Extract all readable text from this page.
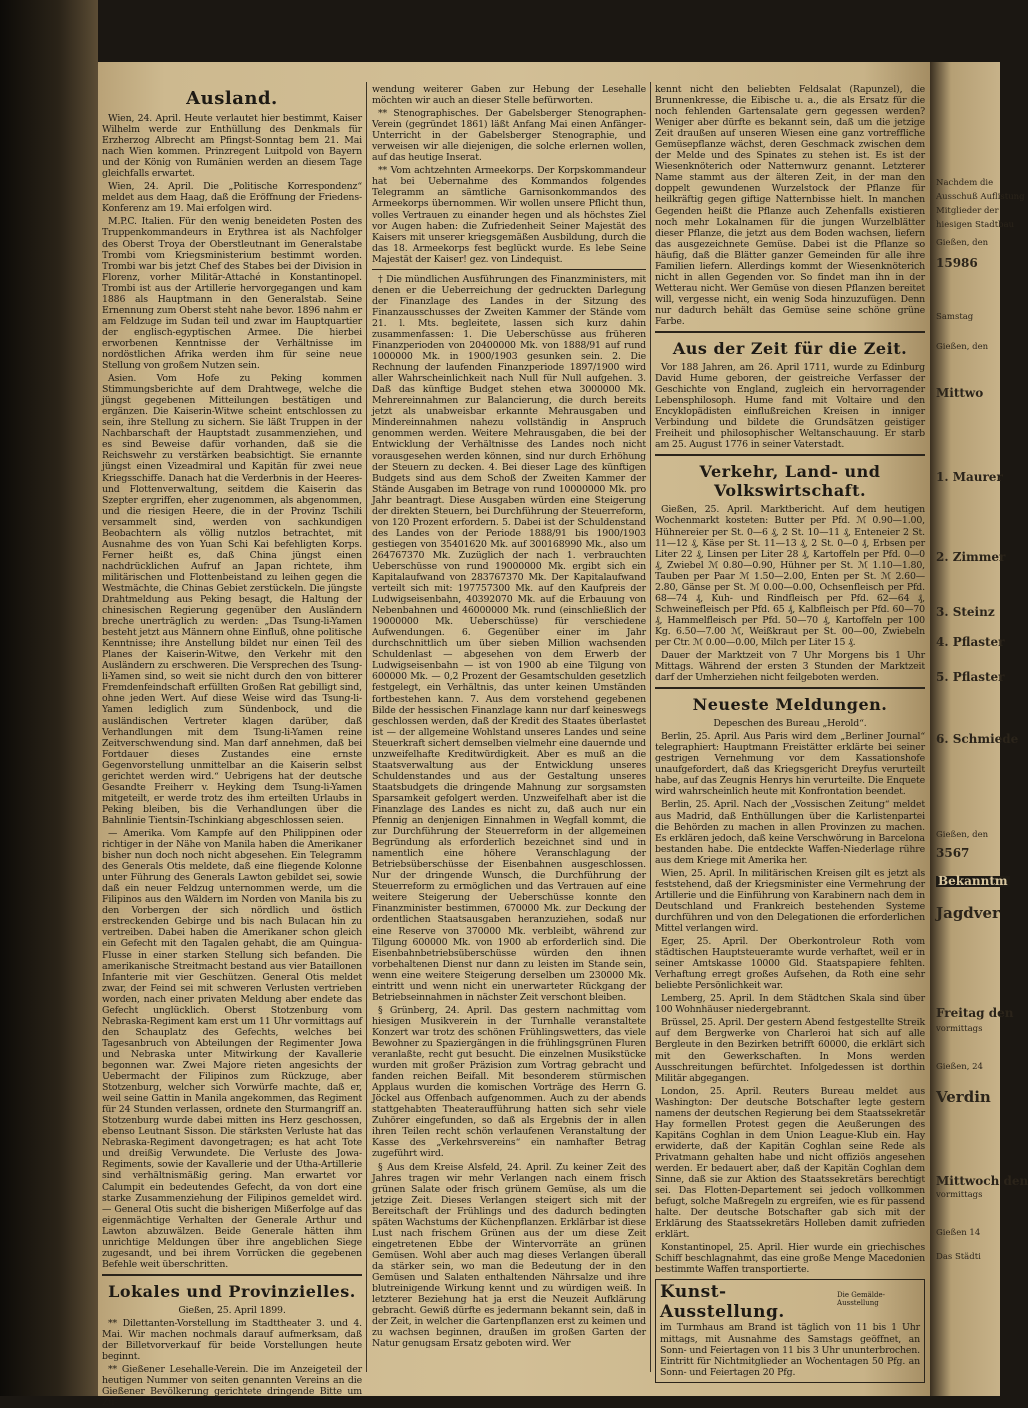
Ausland.

Wien, 24. April. Heute verlautet hier bestimmt, Kaiser Wilhelm werde zur Enthüllung des Denkmals für Erzherzog Albrecht am Pfingst-Sonntag bem 21. Mai nach Wien kommen. Prinzregent Luitpold von Bayern und der König von Rumänien werden an diesem Tage gleichfalls erwartet.

Wien, 24. April. Die „Politische Korrespondenz“ meldet aus dem Haag, daß die Eröffnung der Friedens-Konferenz am 19. Mai erfolgen wird.

M.P.C. Italien. Für den wenig beneideten Posten des Truppenkommandeurs in Erythrea ist als Nachfolger des Oberst Troya der Oberstleutnant im Generalstabe Trombi vom Kriegsministerium bestimmt worden. Trombi war bis jetzt Chef des Stabes bei der Division in Florenz, vorher Militär-Attaché in Konstantinopel. Trombi ist aus der Artillerie hervorgegangen und kam 1886 als Hauptmann in den Generalstab. Seine Ernennung zum Oberst steht nahe bevor. 1896 nahm er am Feldzuge im Sudan teil und zwar im Hauptquartier der englisch-egyptischen Armee. Die hierbei erworbenen Kenntnisse der Verhältnisse im nordöstlichen Afrika werden ihm für seine neue Stellung von großem Nutzen sein.

Asien. Vom Hofe zu Peking kommen Stimmungsberichte auf dem Drahtwege, welche die jüngst gegebenen Mitteilungen bestätigen und ergänzen. Die Kaiserin-Witwe scheint entschlossen zu sein, ihre Stellung zu sichern. Sie läßt Truppen in der Nachbarschaft der Hauptstadt zusammenziehen, und es sind Beweise dafür vorhanden, daß sie die Reichswehr zu verstärken beabsichtigt. Sie ernannte jüngst einen Vizeadmiral und Kapitän für zwei neue Kriegsschiffe. Danach hat die Verderbnis in der Heeres- und Flottenverwaltung, seitdem die Kaiserin das Szepter ergriffen, eher zugenommen, als abgenommen, und die riesigen Heere, die in der Provinz Tschili versammelt sind, werden von sachkundigen Beobachtern als völlig nutzlos betrachtet, mit Ausnahme des von Yuan Schi Kai befehligten Korps. Ferner heißt es, daß China jüngst einen nachdrücklichen Aufruf an Japan richtete, ihm militärischen und Flottenbeistand zu leihen gegen die Westmächte, die Chinas Gebiet zerstückeln. Die jüngste Drahtmeldung aus Peking besagt, die Haltung der chinesischen Regierung gegenüber den Ausländern breche unerträglich zu werden: „Das Tsung-li-Yamen besteht jetzt aus Männern ohne Einfluß, ohne politische Kenntnisse; ihre Anstellung bildet nur einen Teil des Planes der Kaiserin-Witwe, den Verkehr mit den Ausländern zu erschweren. Die Versprechen des Tsung-li-Yamen sind, so weit sie nicht durch den von bitterer Fremdenfeindschaft erfüllten Großen Rat gebilligt sind, ohne jeden Wert. Auf diese Weise wird das Tsung-li-Yamen lediglich zum Sündenbock, und die ausländischen Vertreter klagen darüber, daß Verhandlungen mit dem Tsung-li-Yamen reine Zeitverschwendung sind. Man darf annehmen, daß bei Fortdauer dieses Zustandes eine ernste Gegenvorstellung unmittelbar an die Kaiserin selbst gerichtet werden wird.“ Uebrigens hat der deutsche Gesandte Freiherr v. Heyking dem Tsung-li-Yamen mitgeteilt, er werde trotz des ihm erteilten Urlaubs in Peking bleiben, bis die Verhandlungen über die Bahnlinie Tientsin-Tschinkiang abgeschlossen seien.

— Amerika. Vom Kampfe auf den Philippinen oder richtiger in der Nähe von Manila haben die Amerikaner bisher nun doch noch nicht abgesehen. Ein Telegramm des Generals Otis meldete, daß eine fliegende Kolonne unter Führung des Generals Lawton gebildet sei, sowie daß ein neuer Feldzug unternommen werde, um die Filipinos aus den Wäldern im Norden von Manila bis zu den Vorbergen der sich nördlich und östlich erstreckenden Gebirge und bis nach Bulacan hin zu vertreiben. Dabei haben die Amerikaner schon gleich ein Gefecht mit den Tagalen gehabt, die am Quingua-Flusse in einer starken Stellung sich befanden. Die amerikanische Streitmacht bestand aus vier Bataillonen Infanterie mit vier Geschützen. General Otis meldet zwar, der Feind sei mit schweren Verlusten vertrieben worden, nach einer privaten Meldung aber endete das Gefecht unglücklich. Oberst Stotzenburg vom Nebraska-Regiment kam erst um 11 Uhr vormittags auf den Schauplatz des Gefechts, welches bei Tagesanbruch von Abteilungen der Regimenter Jowa und Nebraska unter Mitwirkung der Kavallerie begonnen war. Zwei Majore rieten angesichts der Uebermacht der Filipinos zum Rückzuge, aber Stotzenburg, welcher sich Vorwürfe machte, daß er, weil seine Gattin in Manila angekommen, das Regiment für 24 Stunden verlassen, ordnete den Sturmangriff an. Stotzenburg wurde dabei mitten ins Herz geschossen, ebenso Leutnant Sisson. Die stärksten Verluste hat das Nebraska-Regiment davongetragen; es hat acht Tote und dreißig Verwundete. Die Verluste des Jowa-Regiments, sowie der Kavallerie und der Utha-Artillerie sind verhältnismäßig gering. Man erwartet vor Calumpit ein bedeutendes Gefecht, da von dort eine starke Zusammenziehung der Filipinos gemeldet wird. — General Otis sucht die bisherigen Mißerfolge auf das eigenmächtige Verhalten der Generale Arthur und Lawton abzuwälzen. Beide Generale hätten ihm unrichtige Meldungen über ihre angeblichen Siege zugesandt, und bei ihrem Vorrücken die gegebenen Befehle weit überschritten.

Lokales und Provinzielles.

Gießen, 25. April 1899.

** Dilettanten-Vorstellung im Stadttheater 3. und 4. Mai. Wir machen nochmals darauf aufmerksam, daß der Billetvorverkauf für beide Vorstellungen heute beginnt.

** Gießener Lesehalle-Verein. Die im Anzeigeteil der heutigen Nummer von seiten genannten Vereins an die Gießener Bevölkerung gerichtete dringende Bitte um Zu-

wendung weiterer Gaben zur Hebung der Lesehalle möchten wir auch an dieser Stelle befürworten.

** Stenographisches. Der Gabelsberger Stenographen-Verein (gegründet 1861) läßt Anfang Mai einen Anfänger-Unterricht in der Gabelsberger Stenographie, und verweisen wir alle diejenigen, die solche erlernen wollen, auf das heutige Inserat.

** Vom achtzehnten Armeekorps. Der Korpskommandeur hat bei Uebernahme des Kommandos folgendes Telegramm an sämtliche Garnisonkommandos des Armeekorps übernommen. Wir wollen unsere Pflicht thun, volles Vertrauen zu einander hegen und als höchstes Ziel vor Augen haben: die Zufriedenheit Seiner Majestät des Kaisers mit unserer kriegsgemäßen Ausbildung, durch die das 18. Armeekorps fest beglückt wurde. Es lebe Seine Majestät der Kaiser! gez. von Lindequist.

† Die mündlichen Ausführungen des Finanzministers, mit denen er die Ueberreichung der gedruckten Darlegung der Finanzlage des Landes in der Sitzung des Finanzausschusses der Zweiten Kammer der Stände vom 21. l. Mts. begleitete, lassen sich kurz dahin zusammenfassen: 1. Die Ueberschüsse aus früheren Finanzperioden von 20400000 Mk. von 1888/91 auf rund 1000000 Mk. in 1900/1903 gesunken sein. 2. Die Rechnung der laufenden Finanzperiode 1897/1900 wird aller Wahrscheinlichkeit nach Null für Null aufgehen. 3. Daß das künftige Budget stehen etwa 3000000 Mk. Mehrereinnahmen zur Balancierung, die durch bereits jetzt als unabweisbar erkannte Mehrausgaben und Mindereinnahmen nahezu vollständig in Anspruch genommen werden. Weitere Mehrausgaben, die bei der Entwicklung der Verhältnisse des Landes noch nicht vorausgesehen werden können, sind nur durch Erhöhung der Steuern zu decken. 4. Bei dieser Lage des künftigen Budgets sind aus dem Schoß der Zweiten Kammer der Stände Ausgaben im Betrage von rund 10000000 Mk. pro Jahr beantragt. Diese Ausgaben würden eine Steigerung der direkten Steuern, bei Durchführung der Steuerreform, von 120 Prozent erfordern. 5. Dabei ist der Schuldenstand des Landes von der Periode 1888/91 bis 1900/1903 gestiegen von 35401620 Mk. auf 300168990 Mk., also um 264767370 Mk. Zuzüglich der nach 1. verbrauchten Ueberschüsse von rund 19000000 Mk. ergibt sich ein Kapitalaufwand von 283767370 Mk. Der Kapitalaufwand verteilt sich mit: 197757300 Mk. auf den Kaufpreis der Ludwigseisenbahn, 40392070 Mk. auf die Erbauung von Nebenbahnen und 46000000 Mk. rund (einschließlich der 19000000 Mk. Ueberschüsse) für verschiedene Aufwendungen. 6. Gegenüber einer im Jahr durchschnittlich um über sieben Million wachsenden Schuldenlast — abgesehen von dem Erwerb der Ludwigseisenbahn — ist von 1900 ab eine Tilgung von 600000 Mk. — 0,2 Prozent der Gesamtschulden gesetzlich festgelegt, ein Verhältnis, das unter keinen Umständen fortbestehen kann. 7. Aus dem vorstehend gegebenen Bilde der hessischen Finanzlage kann nur darf keineswegs geschlossen werden, daß der Kredit des Staates überlastet ist — der allgemeine Wohlstand unseres Landes und seine Steuerkraft sichert demselben vielmehr eine dauernde und unzweifelhafte Kreditwürdigkeit. Aber es muß an die Staatsverwaltung aus der Entwicklung unseres Schuldenstandes und aus der Gestaltung unseres Staatsbudgets die dringende Mahnung zur sorgsamsten Sparsamkeit gefolgert werden. Unzweifelhaft aber ist die Finanzlage des Landes es nicht zu, daß auch nur ein Pfennig an denjenigen Einnahmen in Wegfall kommt, die zur Durchführung der Steuerreform in der allgemeinen Begründung als erforderlich bezeichnet sind und in namentlich eine höhere Veranschlagung der Betriebsüberschüsse der Eisenbahnen ausgeschlossen. Nur der dringende Wunsch, die Durchführung der Steuerreform zu ermöglichen und das Vertrauen auf eine weitere Steigerung der Ueberschüsse konnte den Finanzminister bestimmen, 670000 Mk. zur Deckung der ordentlichen Staatsausgaben heranzuziehen, sodaß nur eine Reserve von 370000 Mk. verbleibt, während zur Tilgung 600000 Mk. von 1900 ab erforderlich sind. Die Eisenbahnbetriebsüberschüsse würden den ihnen vorbehaltenen Dienst nur dann zu leisten im Stande sein, wenn eine weitere Steigerung derselben um 230000 Mk. eintritt und wenn nicht ein unerwarteter Rückgang der Betriebseinnahmen in nächster Zeit verschont bleiben.

§ Grünberg, 24. April. Das gestern nachmittag vom hiesigen Musikverein in der Turnhalle veranstaltete Konzert war trotz des schönen Frühlingswetters, das viele Bewohner zu Spaziergängen in die frühlingsgrünen Fluren veranlaßte, recht gut besucht. Die einzelnen Musikstücke wurden mit großer Präzision zum Vortrag gebracht und fanden reichen Beifall. Mit besonderem stürmischen Applaus wurden die komischen Vorträge des Herrn G. Jöckel aus Offenbach aufgenommen. Auch zu der abends stattgehabten Theateraufführung hatten sich sehr viele Zuhörer eingefunden, so daß als Ergebnis der in allen ihren Teilen recht schön verlaufenen Veranstaltung der Kasse des „Verkehrsvereins“ ein namhafter Betrag zugeführt wird.

§ Aus dem Kreise Alsfeld, 24. April. Zu keiner Zeit des Jahres tragen wir mehr Verlangen nach einem frisch grünen Salate oder frisch grünem Gemüse, als um die jetzige Zeit. Dieses Verlangen steigert sich mit der Bereitschaft der Frühlings und des dadurch bedingten späten Wachstums der Küchenpflanzen. Erklärbar ist diese Lust nach frischem Grünen aus der um diese Zeit eingetretenen Ebbe der Wintervorräte an grünen Gemüsen. Wohl aber auch mag dieses Verlangen überall da stärker sein, wo man die Bedeutung der in den Gemüsen und Salaten enthaltenden Nährsalze und ihre blutreinigende Wirkung kennt und zu würdigen weiß. In letzterer Beziehung hat ja erst die Neuzeit Aufklärung gebracht. Gewiß dürfte es jedermann bekannt sein, daß in der Zeit, in welcher die Gartenpflanzen erst zu keimen und zu wachsen beginnen, draußen im großen Garten der Natur genugsam Ersatz geboten wird. Wer

kennt nicht den beliebten Feldsalat (Rapunzel), die Brunnenkresse, die Eibische u. a., die als Ersatz für die noch fehlenden Gartensalate gern gegessen werden? Weniger aber dürfte es bekannt sein, daß um die jetzige Zeit draußen auf unseren Wiesen eine ganz vortreffliche Gemüsepflanze wächst, deren Geschmack zwischen dem der Melde und des Spinates zu stehen ist. Es ist der Wiesenknöterich oder Natternwurz genannt. Letzterer Name stammt aus der älteren Zeit, in der man den doppelt gewundenen Wurzelstock der Pflanze für heilkräftig gegen giftige Natternbisse hielt. In manchen Gegenden heißt die Pflanze auch Zehenfalls existieren noch mehr Lokalnamen für die jungen Wurzelblätter dieser Pflanze, die jetzt aus dem Boden wachsen, liefern das ausgezeichnete Gemüse. Dabei ist die Pflanze so häufig, daß die Blätter ganzer Gemeinden für alle ihre Familien liefern. Allerdings kommt der Wiesenknöterich nicht in allen Gegenden vor. So findet man ihn in der Wetterau nicht. Wer Gemüse von diesen Pflanzen bereitet will, vergesse nicht, ein wenig Soda hinzuzufügen. Denn nur dadurch behält das Gemüse seine schöne grüne Farbe.

Aus der Zeit für die Zeit.

Vor 188 Jahren, am 26. April 1711, wurde zu Edinburg David Hume geboren, der geistreiche Verfasser der Geschichte von England, zugleich ein hervorragender Lebensphilosoph. Hume fand mit Voltaire und den Encyklopädisten einflußreichen Kreisen in inniger Verbindung und bildete die Grundsätzen geistiger Freiheit und philosophischer Weltanschauung. Er starb am 25. August 1776 in seiner Vaterstadt.

Verkehr, Land- und Volkswirtschaft.

Gießen, 25. April. Marktbericht. Auf dem heutigen Wochenmarkt kosteten: Butter per Pfd. ℳ 0.90—1.00, Hühnereier per St. 0—6 ₰, 2 St. 10—11 ₰, Enteneier 2 St. 11—12 ₰, Käse per St. 11—13 ₰, 2 St. 0—0 ₰, Erbsen per Liter 22 ₰, Linsen per Liter 28 ₰, Kartoffeln per Pfd. 0—0 ₰, Zwiebel ℳ 0.80—0.90, Hühner per St. ℳ 1.10—1.80, Tauben per Paar ℳ 1.50—2.00, Enten per St. ℳ 2.60—2.80, Gänse per St. ℳ 0.00—0.00, Ochsenfleisch per Pfd. 68—74 ₰, Kuh- und Rindfleisch per Pfd. 62—64 ₰, Schweinefleisch per Pfd. 65 ₰, Kalbfleisch per Pfd. 60—70 ₰, Hammelfleisch per Pfd. 50—70 ₰, Kartoffeln per 100 Kg. 6.50—7.00 ℳ, Weißkraut per St. 00—00, Zwiebeln per Ctr. ℳ 0.00—0.00, Milch per Liter 15 ₰.

Dauer der Marktzeit von 7 Uhr Morgens bis 1 Uhr Mittags. Während der ersten 3 Stunden der Marktzeit darf der Umherziehen nicht feilgeboten werden.

Neueste Meldungen.

Depeschen des Bureau „Herold“.

Berlin, 25. April. Aus Paris wird dem „Berliner Journal“ telegraphiert: Hauptmann Freistätter erklärte bei seiner gestrigen Vernehmung vor dem Kassationshofe unaufgefordert, daß das Kriegsgericht Dreyfus verurteilt habe, auf das Zeugnis Henrys hin verurteilte. Die Enquete wird wahrscheinlich heute mit Konfrontation beendet.

Berlin, 25. April. Nach der „Vossischen Zeitung“ meldet aus Madrid, daß Enthüllungen über die Karlistenpartei die Behörden zu machen in allen Provinzen zu machen. Es erklären jedoch, daß keine Verschwörung in Barcelona bestanden habe. Die entdeckte Waffen-Niederlage rühre aus dem Kriege mit Amerika her.

Wien, 25. April. In militärischen Kreisen gilt es jetzt als feststehend, daß der Kriegsminister eine Vermehrung der Artillerie und die Einführung von Karabinern nach dem in Deutschland und Frankreich bestehenden Systeme durchführen und von den Delegationen die erforderlichen Mittel verlangen wird.

Eger, 25. April. Der Oberkontroleur Roth vom städtischen Hauptsteueramte wurde verhaftet, weil er in seiner Amtskasse 10000 Gld. Staatspapiere fehlten. Verhaftung erregt großes Aufsehen, da Roth eine sehr beliebte Persönlichkeit war.

Lemberg, 25. April. In dem Städtchen Skala sind über 100 Wohnhäuser niedergebrannt.

Brüssel, 25. April. Der gestern Abend festgestellte Streik auf dem Bergwerke von Charleroi hat sich auf alle Bergleute in den Bezirken betrifft 60000, die erklärt sich mit den Gewerkschaften. In Mons werden Ausschreitungen befürchtet. Infolgedessen ist dorthin Militär abgegangen.

London, 25. April. Reuters Bureau meldet aus Washington: Der deutsche Botschafter legte gestern namens der deutschen Regierung bei dem Staatssekretär Hay formellen Protest gegen die Aeußerungen des Kapitäns Coghlan in dem Union League-Klub ein. Hay erwiderte, daß der Kapitän Coghlan seine Rede als Privatmann gehalten habe und nicht offiziös angesehen werden. Er bedauert aber, daß der Kapitän Coghlan dem Sinne, daß sie zur Aktion des Staatssekretärs berechtigt sei. Das Flotten-Departement sei jedoch vollkommen befugt, solche Maßregeln zu ergreifen, wie es für passend halte. Der deutsche Botschafter gab sich mit der Erklärung des Staatssekretärs Holleben damit zufrieden erklärt.

Konstantinopel, 25. April. Hier wurde ein griechisches Schiff beschlagnahmt, das eine große Menge Macedonien bestimmte Waffen transportierte.

Kunst-Ausstellung.
Die Gemälde-Ausstellung

im Turmhaus am Brand ist täglich von 11 bis 1 Uhr mittags, mit Ausnahme des Samstags geöffnet, an Sonn- und Feiertagen von 11 bis 3 Uhr ununterbrochen. Eintritt für Nichtmitglieder an Wochentagen 50 Pfg. an Sonn- und Feiertagen 20 Pfg.

Nachdem die
Ausschuß Auflistung
Mitglieder der
hiesigen Stadtbau
Gießen, den
15986
Samstag
Gießen, den
Mittwo
1. Maurer
2. Zimmer
3. Steinz
4. Pflaster
5. Pflaster
6. Schmiede
Gießen, den
3567
Bekanntm
Jagdver
Freitag den
vormittags
Gießen, 24
Verdin
Mittwoch den
vormittags
Gießen 14
Das Städti
